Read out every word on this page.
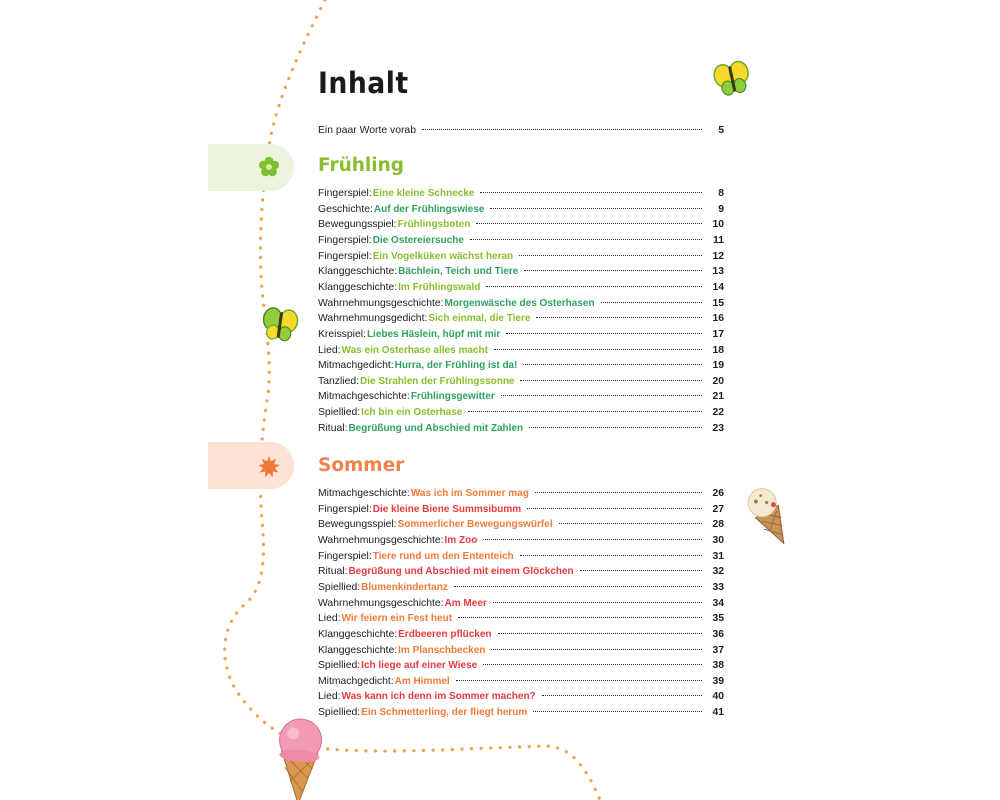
Inhalt
Ein paar Worte vorab	5
Frühling
Sommer
Fingerspiel: Eine kleine Schnecke	8
Geschichte: Auf der Frühlingswiese	9
Bewegungsspiel: Frühlingsboten	10
Fingerspiel: Die Ostereiersuche	11
Fingerspiel: Ein Vogelküken wächst heran	12
Klanggeschichte: Bächlein, Teich und Tiere	13
Klanggeschichte: Im Frühlingswald	14
Wahrnehmungsgeschichte: Morgenwäsche des Osterhasen	15
Wahrnehmungsgedicht: Sich einmal, die Tiere	16
Kreisspiel: Liebes Häslein, hüpf mit mir	17
Lied: Was ein Osterhase alles macht	18
Mitmachgedicht: Hurra, der Frühling ist da!	19
Tanzlied: Die Strahlen der Frühlingssonne	20
Mitmachgeschichte: Frühlingsgewitter	21
Spiellied: Ich bin ein Osterhase	22
Ritual: Begrüßung und Abschied mit Zahlen	23
Mitmachgeschichte: Was ich im Sommer mag	26
Fingerspiel: Die kleine Biene Summsibumm	27
Bewegungsspiel: Sommerlicher Bewegungswürfel	28
Wahrnehmungsgeschichte: Im Zoo	30
Fingerspiel: Tiere rund um den Ententeich	31
Ritual: Begrüßung und Abschied mit einem Glöckchen	32
Spiellied: Blumenkindertanz	33
Wahrnehmungsgeschichte: Am Meer	34
Lied: Wir feiern ein Fest heut	35
Klanggeschichte: Erdbeeren pflücken	36
Klanggeschichte: Im Planschbecken	37
Spiellied: Ich liege auf einer Wiese	38
Mitmachgedicht: Am Himmel	39
Lied: Was kann ich denn im Sommer machen?	40
Spiellied: Ein Schmetterling, der fliegt herum	41
